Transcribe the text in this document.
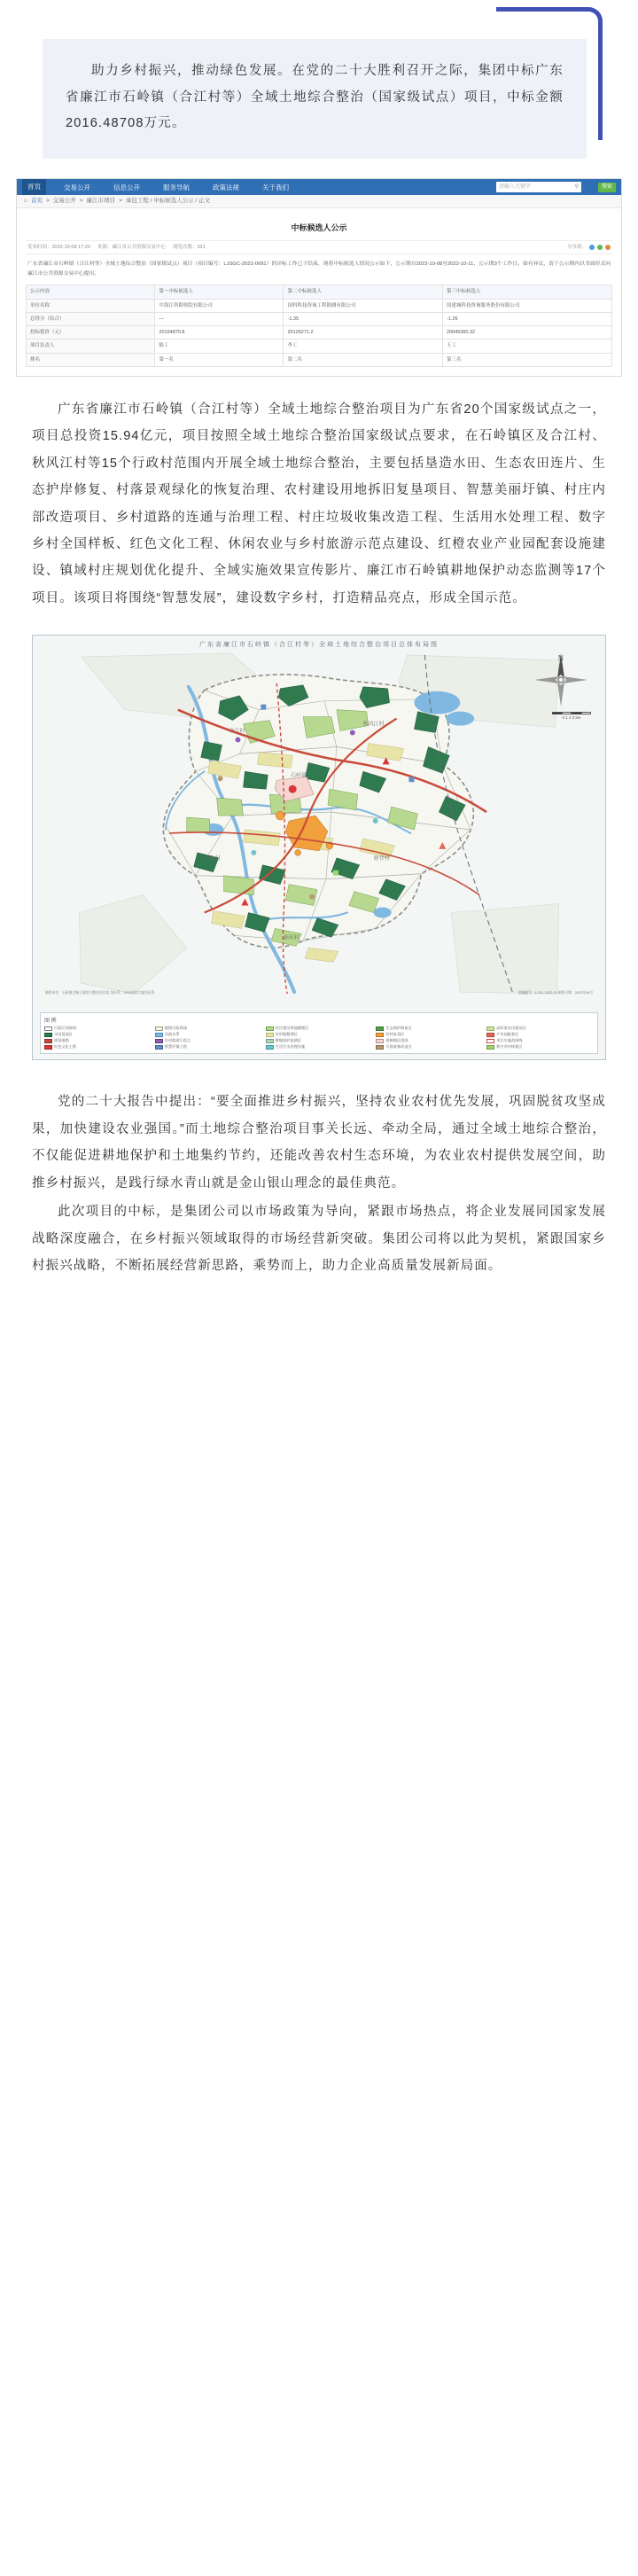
助力乡村振兴，推动绿色发展。在党的二十大胜利召开之际，集团中标广东省廉江市石岭镇（合江村等）全域土地综合整治（国家级试点）项目，中标金额2016.48708万元。
首页	交易公开	信息公开	服务导航	政策法规	关于我们	请输入关键字	⚲	搜索
⌂ 首页 > 交易公开 > 廉江市项目 > 承包工程 / 中标候选人公示 / 正文
中标候选人公示
发布时间：2022-10-08 17:20 来源：廉江市公共资源交易中心 浏览次数：331	分享到：
广东省廉江市石岭镇（合江村等）全域土地综合整治（国家级试点）项目（项目编号：LJSGC-2022-0091）的评标工作已于结束，现将中标候选人情况公示如下，公示期自2022-10-08至2022-10-11，公示期3个工作日。如有异议，请于公示期内以书面形式向廉江市公共资源交易中心提出。
公示内容	第一中标候选人	第二中标候选人	第三中标候选人
单位名称	中海江咨勘察院有限公司	国科科技咨询工程勘测有限公司	国建城科技咨询服务股份有限公司
总得分（综合）	—	-1.35	-1.26
投标报价（元）	20164870.8	20126271.2	20045360.32
项目负责人	陈工	李工	王工
排名	第一名	第二名	第三名

广东省廉江市石岭镇（合江村等）全域土地综合整治项目为广东省20个国家级试点之一，项目总投资15.94亿元，项目按照全域土地综合整治国家级试点要求，在石岭镇区及合江村、秋风江村等15个行政村范围内开展全域土地综合整治，主要包括垦造水田、生态农田连片、生态护岸修复、村落景观绿化的恢复治理、农村建设用地拆旧复垦项目、智慧美丽圩镇、村庄内部改造项目、乡村道路的连通与治理工程、村庄垃圾收集改造工程、生活用水处理工程、数字乡村全国样板、红色文化工程、休闲农业与乡村旅游示范点建设、红橙农业产业园配套设施建设、镇域村庄规划优化提升、全域实施效果宣传影片、廉江市石岭镇耕地保护动态监测等17个项目。该项目将围绕“智慧发展”，建设数字乡村，打造精品亮点，形成全国示范。

广东省廉江市石岭镇（合江村等）全域土地综合整治项目总体布局图
石岭镇
合江村
秋风江村
山角村	塘背村
新屋村
N
0 1 2 3 km
制图单位：石岭镇全域土地综合整治项目组 坐标系：2000国家大地坐标系	图幅编号：LJ-SL-2022-01 制图日期：2022年09月
图 例
行政区划界线	镇级行政界线	村庄建设用地整理区	生态保护修复区	高标准农田建设区
水田垦造区	河流水系	农用地整理区	旧村复垦区	产业园配套区
规划道路	乡村旅游示范点	耕地保护监测区	建制镇区范围	项目实施范围线
红色文化工程	智慧圩镇工程	生活污水处理设施	垃圾收集改造点	数字乡村样板区

党的二十大报告中提出：“要全面推进乡村振兴，坚持农业农村优先发展，巩固脱贫攻坚成果，加快建设农业强国。”而土地综合整治项目事关长远、牵动全局，通过全域土地综合整治，不仅能促进耕地保护和土地集约节约，还能改善农村生态环境，为农业农村提供发展空间，助推乡村振兴，是践行绿水青山就是金山银山理念的最佳典范。

此次项目的中标，是集团公司以市场政策为导向，紧跟市场热点，将企业发展同国家发展战略深度融合，在乡村振兴领域取得的市场经营新突破。集团公司将以此为契机，紧跟国家乡村振兴战略，不断拓展经营新思路，乘势而上，助力企业高质量发展新局面。
